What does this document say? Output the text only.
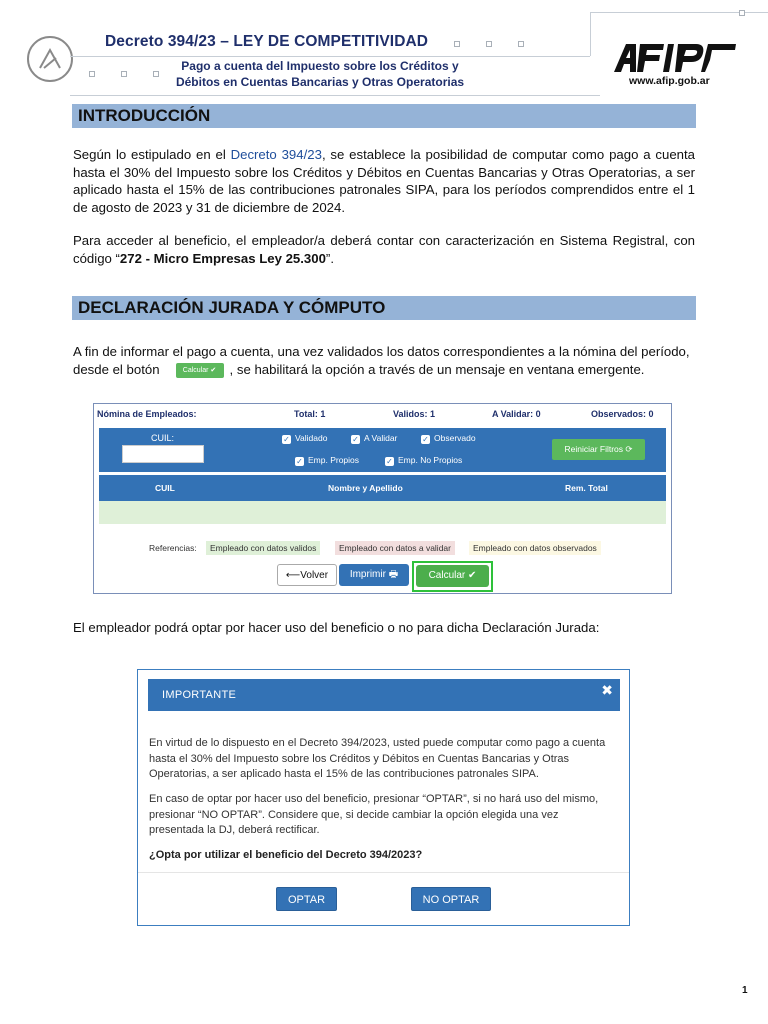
Decreto 394/23 – LEY DE COMPETITIVIDAD
Pago a cuenta del Impuesto sobre los Créditos y
Débitos en Cuentas Bancarias y Otras Operatorias	www.afip.gob.ar
INTRODUCCIÓN
Según lo estipulado en el Decreto 394/23, se establece la posibilidad de computar como pago a cuenta hasta el 30% del Impuesto sobre los Créditos y Débitos en Cuentas Bancarias y Otras Operatorias, a ser aplicado hasta el 15% de las contribuciones patronales SIPA, para los períodos comprendidos entre el 1 de agosto de 2023 y 31 de diciembre de 2024.
Para acceder al beneficio, el empleador/a deberá contar con caracterización en Sistema Registral, con código “272 - Micro Empresas Ley 25.300”.
DECLARACIÓN JURADA Y CÓMPUTO
A fin de informar el pago a cuenta, una vez validados los datos correspondientes a la nómina del período, desde el botón	Calcular ✔ , se habilitará la opción a través de un mensaje en ventana emergente.
Nómina de Empleados:	Total: 1	Validos: 1	A Validar: 0	Observados: 0
CUIL:	✓ Validado	✓ A Validar	✓ Observado
✓ Emp. Propios	✓ Emp. No Propios
Reiniciar Filtros ⟳
CUIL	Nombre y Apellido	Rem. Total
Referencias:	Empleado con datos validos	Empleado con datos a validar	Empleado con datos observados
⟵Volver	Imprimir 🖶	Calcular ✔
El empleador podrá optar por hacer uso del beneficio o no para dicha Declaración Jurada:
IMPORTANTE	✖
En virtud de lo dispuesto en el Decreto 394/2023, usted puede computar como pago a cuenta hasta el 30% del Impuesto sobre los Créditos y Débitos en Cuentas Bancarias y Otras Operatorias, a ser aplicado hasta el 15% de las contribuciones patronales SIPA.
En caso de optar por hacer uso del beneficio, presionar “OPTAR”, si no hará uso del mismo, presionar “NO OPTAR”. Considere que, si decide cambiar la opción elegida una vez presentada la DJ, deberá rectificar.
¿Opta por utilizar el beneficio del Decreto 394/2023?
OPTAR	NO OPTAR
1
